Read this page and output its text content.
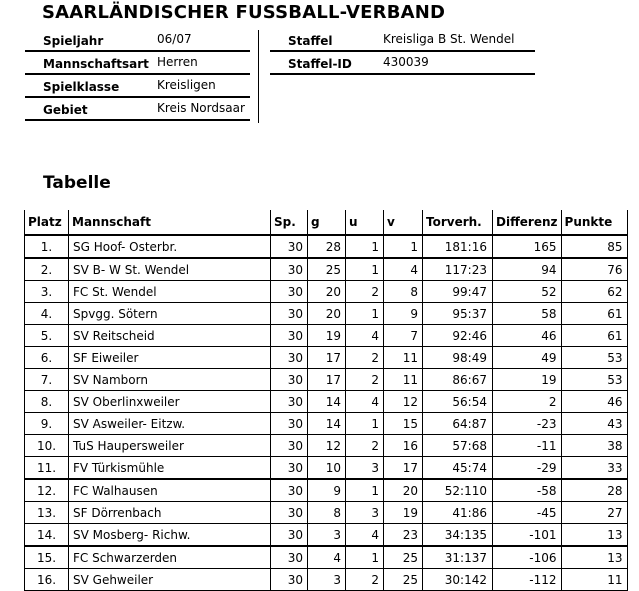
SAARLÄNDISCHER FUSSBALL-VERBAND
Spieljahr	06/07
Mannschaftsart Herren
Spielklasse	Kreisligen
Gebiet	Kreis Nordsaar
Staffel	Kreisliga B St. Wendel
Staffel-ID	430039
Tabelle
Platz	Mannschaft	Sp.	g	u	v	Torverh.	Differenz	Punkte
1.	SG Hoof- Osterbr.	30	28	1	1	181:16	165	85
2.	SV B- W St. Wendel	30	25	1	4	117:23	94	76
3.	FC St. Wendel	30	20	2	8	99:47	52	62
4.	Spvgg. Sötern	30	20	1	9	95:37	58	61
5.	SV Reitscheid	30	19	4	7	92:46	46	61
6.	SF Eiweiler	30	17	2	11	98:49	49	53
7.	SV Namborn	30	17	2	11	86:67	19	53
8.	SV Oberlinxweiler	30	14	4	12	56:54	2	46
9.	SV Asweiler- Eitzw.	30	14	1	15	64:87	-23	43
10.	TuS Haupersweiler	30	12	2	16	57:68	-11	38
11.	FV Türkismühle	30	10	3	17	45:74	-29	33
12.	FC Walhausen	30	9	1	20	52:110	-58	28
13.	SF Dörrenbach	30	8	3	19	41:86	-45	27
14.	SV Mosberg- Richw.	30	3	4	23	34:135	-101	13
15.	FC Schwarzerden	30	4	1	25	31:137	-106	13
16.	SV Gehweiler	30	3	2	25	30:142	-112	11
